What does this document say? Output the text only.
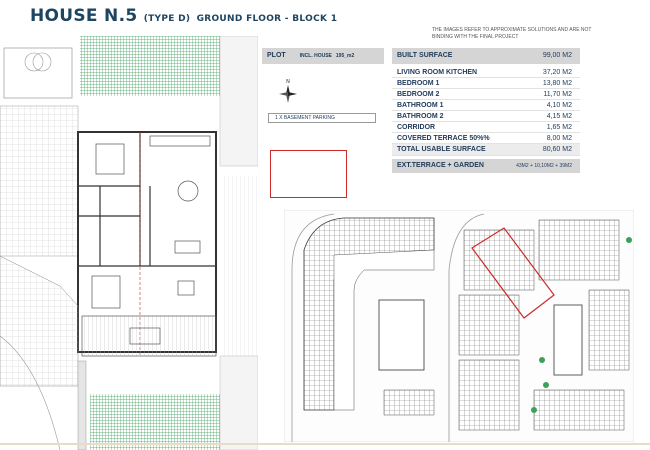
HOUSE N.5 (TYPE D) GROUND FLOOR - BLOCK 1
THE IMAGES REFER TO APPROXIMATE SOLUTIONS AND ARE NOT BINDING WITH THE FINAL PROJECT
PLOT	INCL. HOUSE 195_m2
N
1 X BASEMENT PARKING
BUILT SURFACE	99,00 M2
LIVING ROOM KITCHEN	37,20 M2
BEDROOM 1	13,80 M2
BEDROOM 2	11,70 M2
BATHROOM 1	4,10 M2
BATHROOM 2	4,15 M2
CORRIDOR	1,65 M2
COVERED TERRACE 50%%	8,00 M2
TOTAL USABLE SURFACE	80,60 M2
EXT.TERRACE + GARDEN	43M2 + 10,10M2 + 39M2
